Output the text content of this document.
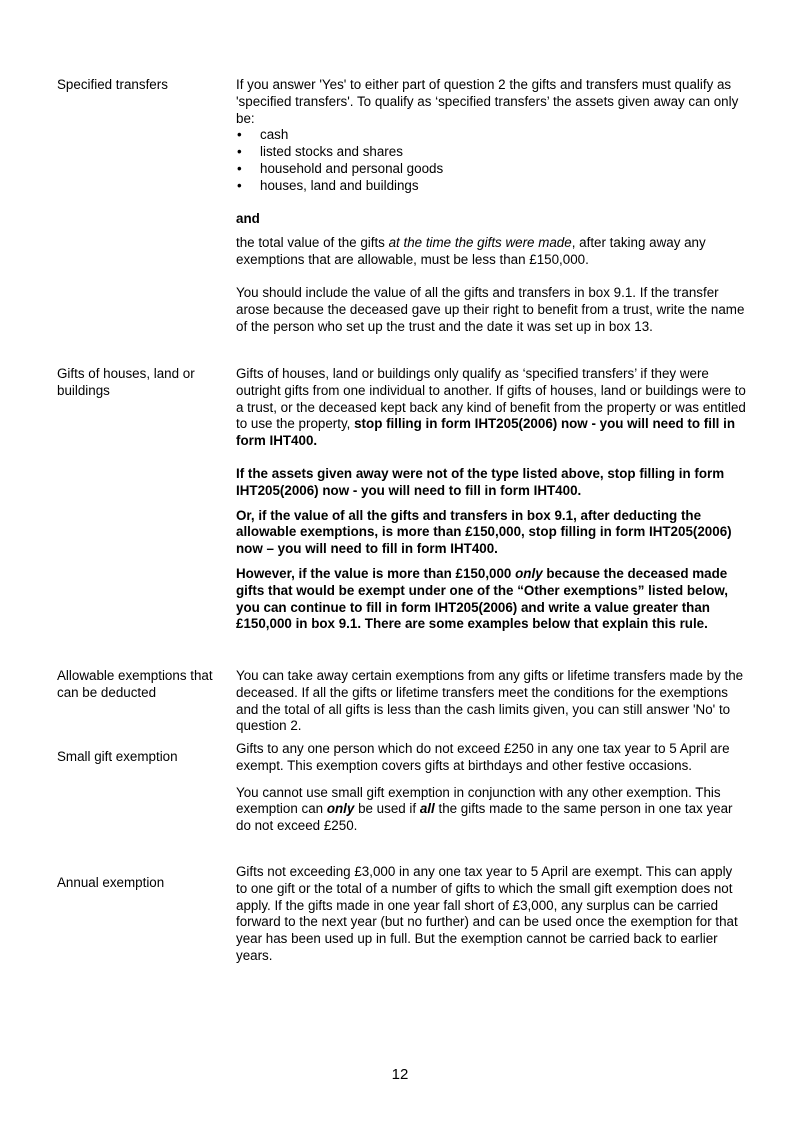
Specified transfers	If you answer 'Yes' to either part of question 2 the gifts and transfers must qualify as 'specified transfers'. To qualify as ‘specified transfers’ the assets given away can only be:

• cash
• listed stocks and shares
• household and personal goods
• houses, land and buildings

and

the total value of the gifts at the time the gifts were made, after taking away any exemptions that are allowable, must be less than £150,000.

You should include the value of all the gifts and transfers in box 9.1. If the transfer arose because the deceased gave up their right to benefit from a trust, write the name of the person who set up the trust and the date it was set up in box 13.

Gifts of houses, land or buildings

Gifts of houses, land or buildings only qualify as ‘specified transfers’ if they were outright gifts from one individual to another. If gifts of houses, land or buildings were to a trust, or the deceased kept back any kind of benefit from the property or was entitled to use the property, stop filling in form IHT205(2006) now - you will need to fill in form IHT400.

If the assets given away were not of the type listed above, stop filling in form IHT205(2006) now - you will need to fill in form IHT400.

Or, if the value of all the gifts and transfers in box 9.1, after deducting the allowable exemptions, is more than £150,000, stop filling in form IHT205(2006) now – you will need to fill in form IHT400.

However, if the value is more than £150,000 only because the deceased made gifts that would be exempt under one of the “Other exemptions” listed below, you can continue to fill in form IHT205(2006) and write a value greater than £150,000 in box 9.1. There are some examples below that explain this rule.

Allowable exemptions that can be deducted
You can take away certain exemptions from any gifts or lifetime transfers made by the deceased. If all the gifts or lifetime transfers meet the conditions for the exemptions and the total of all gifts is less than the cash limits given, you can still answer 'No' to question 2.
Small gift exemption

Gifts to any one person which do not exceed £250 in any one tax year to 5 April are exempt. This exemption covers gifts at birthdays and other festive occasions.

You cannot use small gift exemption in conjunction with any other exemption. This exemption can only be used if all the gifts made to the same person in one tax year do not exceed £250.

Annual exemption
Gifts not exceeding £3,000 in any one tax year to 5 April are exempt. This can apply to one gift or the total of a number of gifts to which the small gift exemption does not apply. If the gifts made in one year fall short of £3,000, any surplus can be carried forward to the next year (but no further) and can be used once the exemption for that year has been used up in full. But the exemption cannot be carried back to earlier years.
12
